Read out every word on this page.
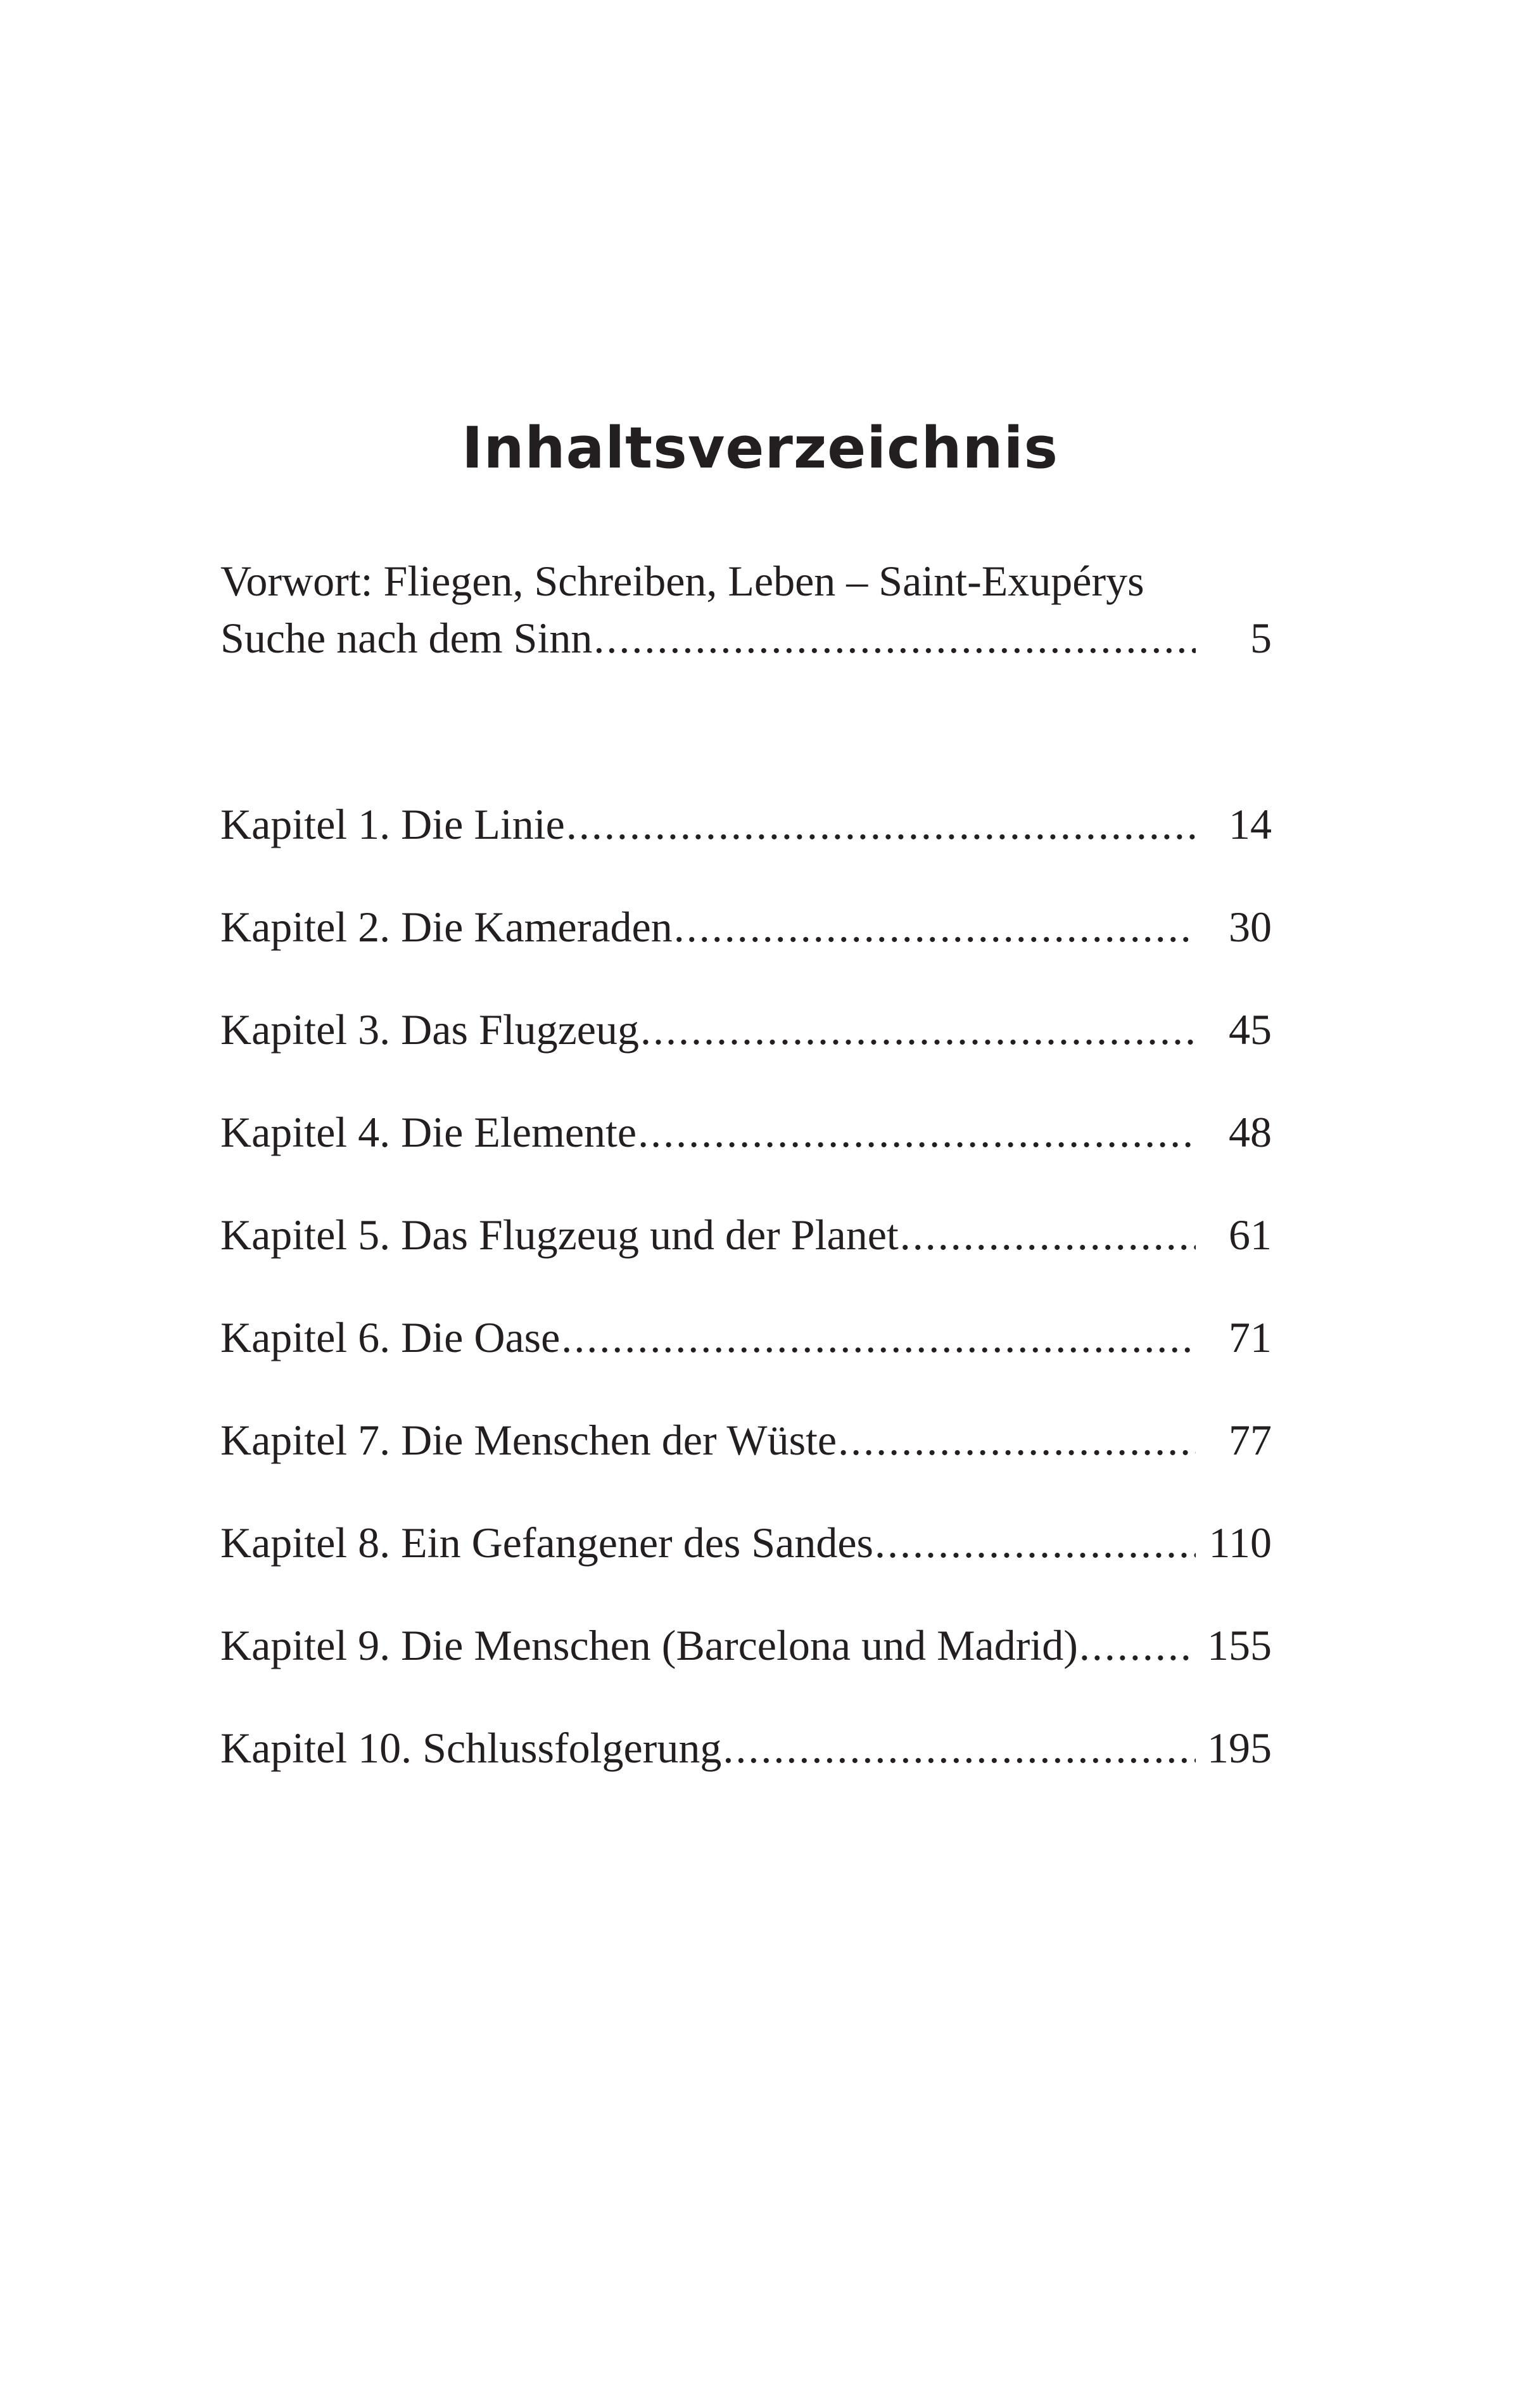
Inhaltsverzeichnis
Vorwort: Fliegen, Schreiben, Leben – Saint-Exupérys
Suche nach dem Sinn .....	5
Kapitel 1. Die Linie .....	14
Kapitel 2. Die Kameraden .....	30
Kapitel 3. Das Flugzeug .....	45
Kapitel 4. Die Elemente .....	48
Kapitel 5. Das Flugzeug und der Planet .....	61
Kapitel 6. Die Oase .....	71
Kapitel 7. Die Menschen der Wüste .....	77
Kapitel 8. Ein Gefangener des Sandes .....	110
Kapitel 9. Die Menschen (Barcelona und Madrid) .....	155
Kapitel 10. Schlussfolgerung .....	195
